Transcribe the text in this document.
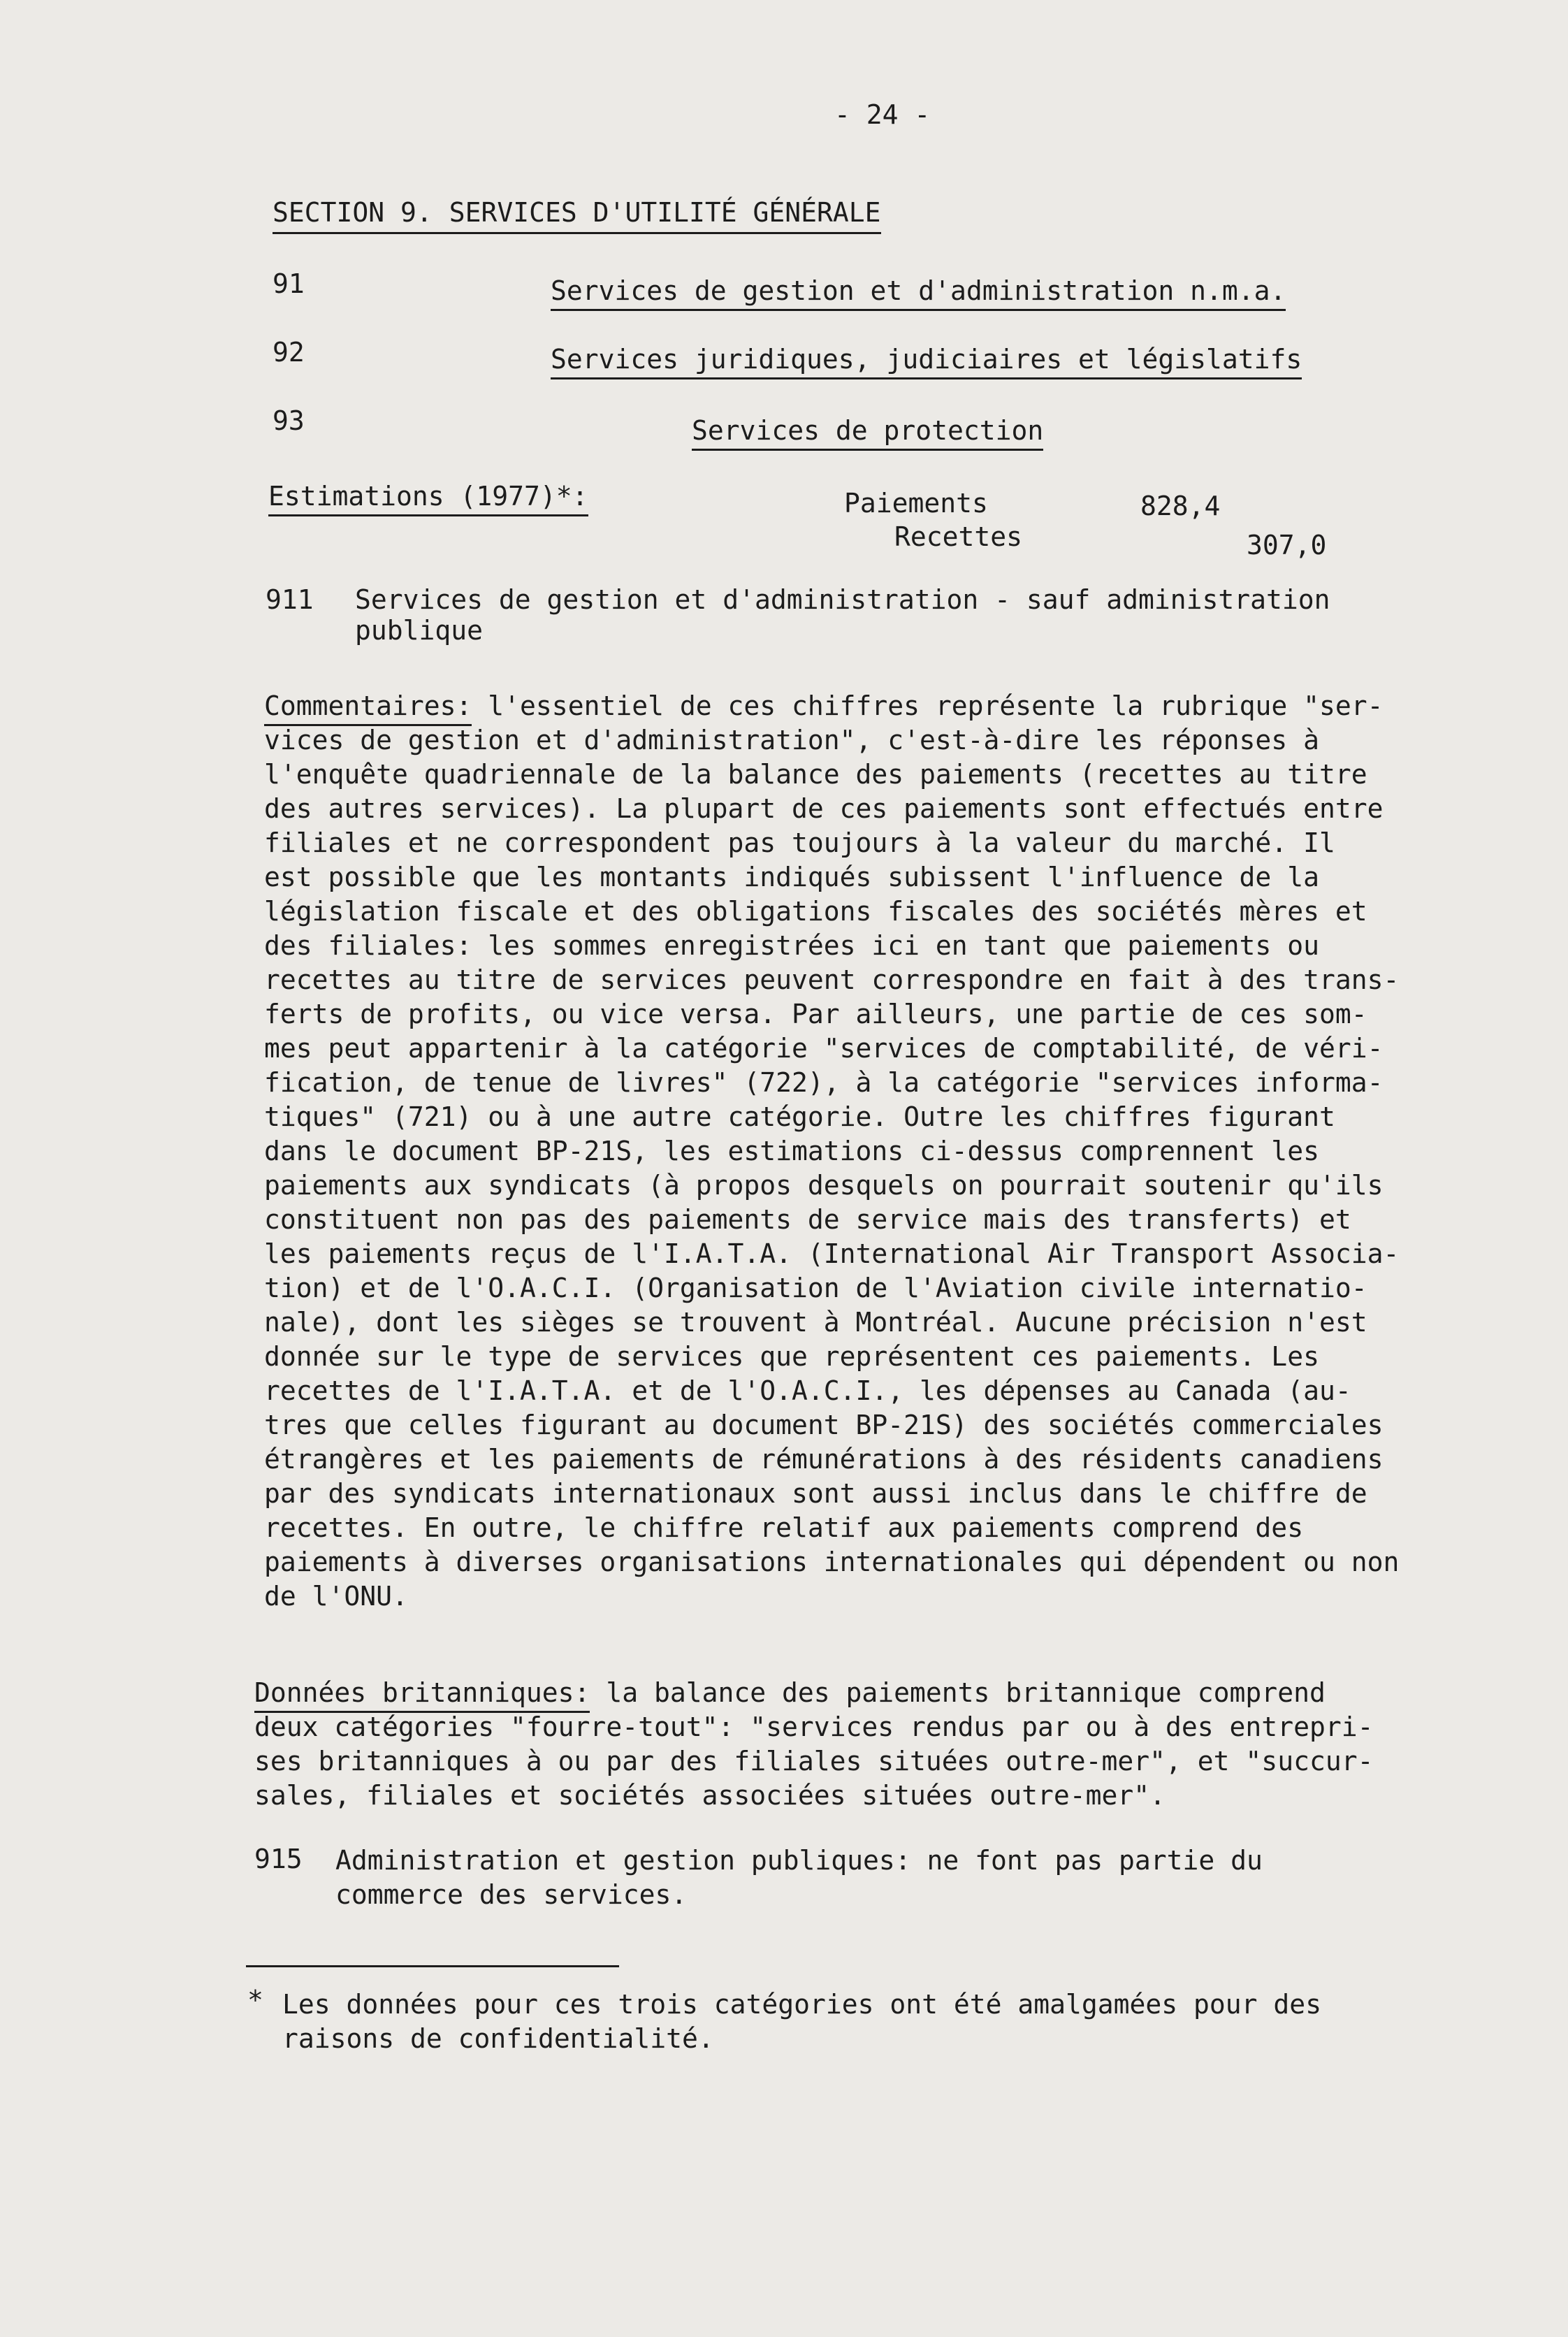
- 24 -
SECTION 9. SERVICES D'UTILITÉ GÉNÉRALE
91	Services de gestion et d'administration n.m.a.
92	Services juridiques, judiciaires et législatifs
93	Services de protection
Estimations (1977)*:	Paiements	828,4
Recettes	307,0
911 Services de gestion et d'administration - sauf administration
publique
Commentaires: l'essentiel de ces chiffres représente la rubrique "ser-
vices de gestion et d'administration", c'est-à-dire les réponses à
l'enquête quadriennale de la balance des paiements (recettes au titre
des autres services). La plupart de ces paiements sont effectués entre
filiales et ne correspondent pas toujours à la valeur du marché. Il
est possible que les montants indiqués subissent l'influence de la
législation fiscale et des obligations fiscales des sociétés mères et
des filiales: les sommes enregistrées ici en tant que paiements ou
recettes au titre de services peuvent correspondre en fait à des trans-
ferts de profits, ou vice versa. Par ailleurs, une partie de ces som-
mes peut appartenir à la catégorie "services de comptabilité, de véri-
fication, de tenue de livres" (722), à la catégorie "services informa-
tiques" (721) ou à une autre catégorie. Outre les chiffres figurant
dans le document BP-21S, les estimations ci-dessus comprennent les
paiements aux syndicats (à propos desquels on pourrait soutenir qu'ils
constituent non pas des paiements de service mais des transferts) et
les paiements reçus de l'I.A.T.A. (International Air Transport Associa-
tion) et de l'O.A.C.I. (Organisation de l'Aviation civile internatio-
nale), dont les sièges se trouvent à Montréal. Aucune précision n'est
donnée sur le type de services que représentent ces paiements. Les
recettes de l'I.A.T.A. et de l'O.A.C.I., les dépenses au Canada (au-
tres que celles figurant au document BP-21S) des sociétés commerciales
étrangères et les paiements de rémunérations à des résidents canadiens
par des syndicats internationaux sont aussi inclus dans le chiffre de
recettes. En outre, le chiffre relatif aux paiements comprend des
paiements à diverses organisations internationales qui dépendent ou non
de l'ONU.
Données britanniques: la balance des paiements britannique comprend
deux catégories "fourre-tout": "services rendus par ou à des entrepri-
ses britanniques à ou par des filiales situées outre-mer", et "succur-
sales, filiales et sociétés associées situées outre-mer".
915 Administration et gestion publiques: ne font pas partie du
commerce des services.
* Les données pour ces trois catégories ont été amalgamées pour des
raisons de confidentialité.
